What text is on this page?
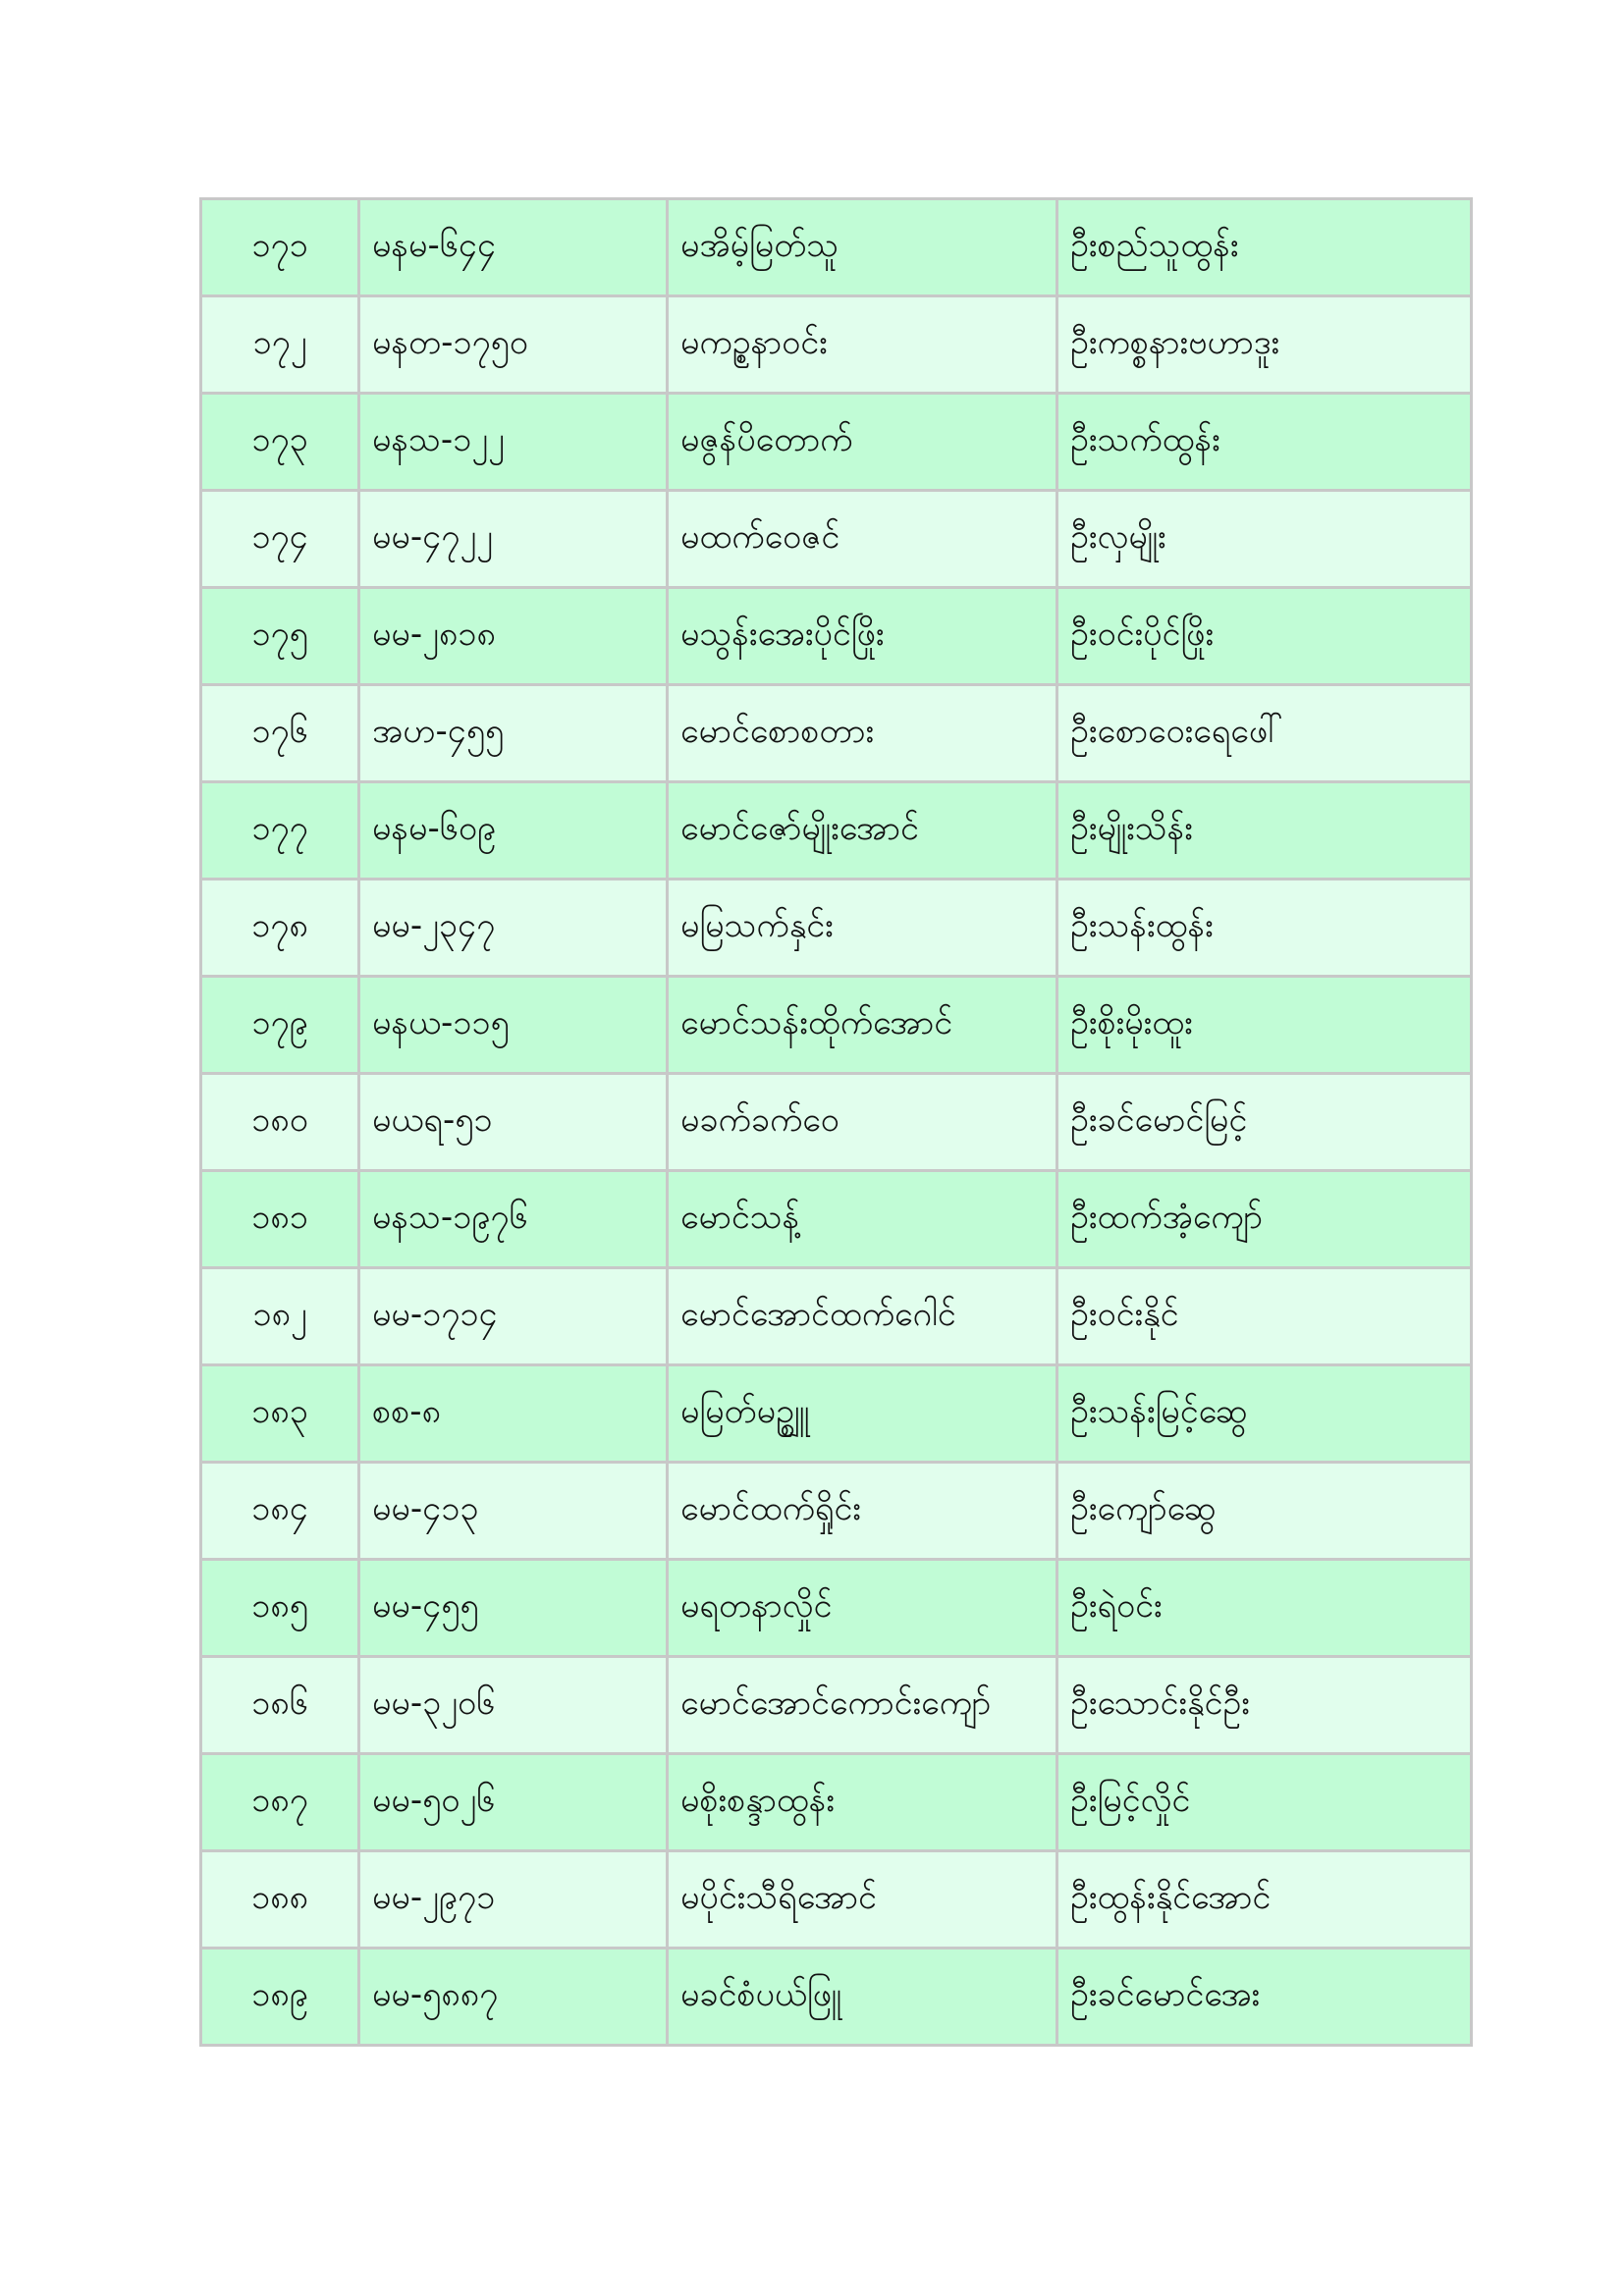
၁၇၁	မနမ-၆၄၄	မအိမ့်မြတ်သူ	ဦးစည်သူထွန်း
၁၇၂	မနတ-၁၇၅၀	မကဥ္စနာဝင်း	ဦးကစ္စနားဗဟာဒူး
၁၇၃	မနသ-၁၂၂	မဇွန်ပိတောက်	ဦးသက်ထွန်း
၁၇၄	မမ-၄၇၂၂	မထက်ဝေဇင်	ဦးလှမျိုး
၁၇၅	မမ-၂၈၁၈	မသွန်းအေးပိုင်ဖြိုး	ဦးဝင်းပိုင်ဖြိုး
၁၇၆	အဟ-၄၅၅	မောင်စောစတား	ဦးစောဝေးရေဖေါ်
၁၇၇	မနမ-၆၀၉	မောင်ဇော်မျိုးအောင်	ဦးမျိုးသိန်း
၁၇၈	မမ-၂၃၄၇	မမြသက်နှင်း	ဦးသန်းထွန်း
၁၇၉	မနယ-၁၁၅	မောင်သန်းထိုက်အောင်	ဦးစိုးမိုးထူး
၁၈၀	မယရ-၅၁	မခက်ခက်ဝေ	ဦးခင်မောင်မြင့်
၁၈၁	မနသ-၁၉၇၆	မောင်သန့်	ဦးထက်အံ့ကျော်
၁၈၂	မမ-၁၇၁၄	မောင်အောင်ထက်ဂေါင်	ဦးဝင်းနိုင်
၁၈၃	စစ-၈	မမြတ်မဥ္ဈူ	ဦးသန်းမြင့်ဆွေ
၁၈၄	မမ-၄၁၃	မောင်ထက်ရှိုင်း	ဦးကျော်ဆွေ
၁၈၅	မမ-၄၅၅	မရတနာလှိုင်	ဦးရဲဝင်း
၁၈၆	မမ-၃၂၀၆	မောင်အောင်ကောင်းကျော်	ဦးသောင်းနိုင်ဦး
၁၈၇	မမ-၅၀၂၆	မစိုးစန္ဒာထွန်း	ဦးမြင့်လှိုင်
၁၈၈	မမ-၂၉၇၁	မပိုင်းသီရိအောင်	ဦးထွန်းနိုင်အောင်
၁၈၉	မမ-၅၈၈၇	မခင်စံပယ်ဖြူ	ဦးခင်မောင်အေး
